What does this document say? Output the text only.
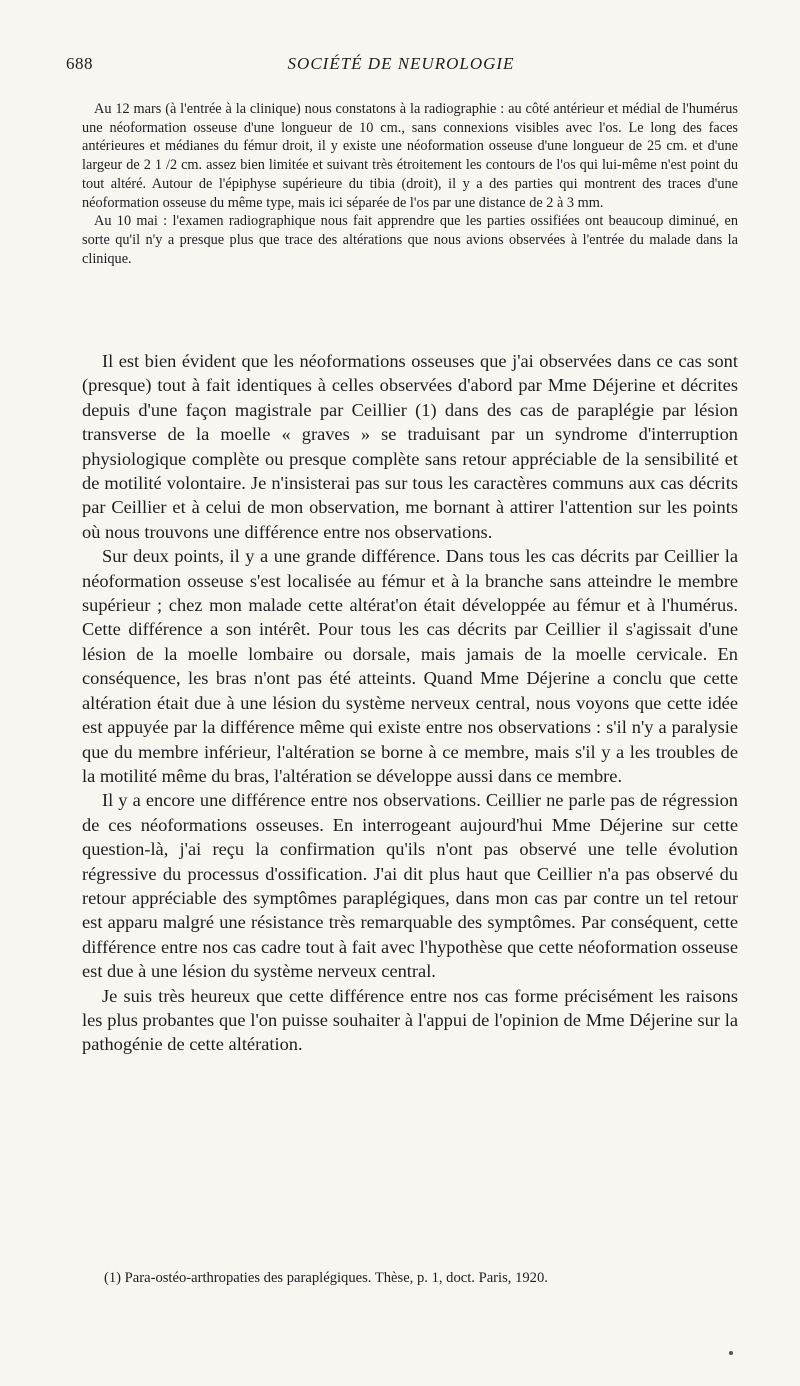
688	SOCIÉTÉ DE NEUROLOGIE

Au 12 mars (à l'entrée à la clinique) nous constatons à la radiographie : au côté antérieur et médial de l'humérus une néoformation osseuse d'une longueur de 10 cm., sans connexions visibles avec l'os. Le long des faces antérieures et médianes du fémur droit, il y existe une néoformation osseuse d'une longueur de 25 cm. et d'une largeur de 2 1 /2 cm. assez bien limitée et suivant très étroitement les contours de l'os qui lui-même n'est point du tout altéré. Autour de l'épiphyse supérieure du tibia (droit), il y a des parties qui montrent des traces d'une néoformation osseuse du même type, mais ici séparée de l'os par une distance de 2 à 3 mm.

Au 10 mai : l'examen radiographique nous fait apprendre que les parties ossifiées ont beaucoup diminué, en sorte qu'il n'y a presque plus que trace des altérations que nous avions observées à l'entrée du malade dans la clinique.

Il est bien évident que les néoformations osseuses que j'ai observées dans ce cas sont (presque) tout à fait identiques à celles observées d'abord par Mme Déjerine et décrites depuis d'une façon magistrale par Ceillier (1) dans des cas de paraplégie par lésion transverse de la moelle « graves » se traduisant par un syndrome d'interruption physiologique complète ou presque complète sans retour appréciable de la sensibilité et de motilité volontaire. Je n'insisterai pas sur tous les caractères communs aux cas décrits par Ceillier et à celui de mon observation, me bornant à attirer l'attention sur les points où nous trouvons une différence entre nos observations.

Sur deux points, il y a une grande différence. Dans tous les cas décrits par Ceillier la néoformation osseuse s'est localisée au fémur et à la branche sans atteindre le membre supérieur ; chez mon malade cette altérat'on était développée au fémur et à l'humérus. Cette différence a son intérêt. Pour tous les cas décrits par Ceillier il s'agissait d'une lésion de la moelle lombaire ou dorsale, mais jamais de la moelle cervicale. En conséquence, les bras n'ont pas été atteints. Quand Mme Déjerine a conclu que cette altération était due à une lésion du système nerveux central, nous voyons que cette idée est appuyée par la différence même qui existe entre nos observations : s'il n'y a paralysie que du membre inférieur, l'altération se borne à ce membre, mais s'il y a les troubles de la motilité même du bras, l'altération se développe aussi dans ce membre.

Il y a encore une différence entre nos observations. Ceillier ne parle pas de régression de ces néoformations osseuses. En interrogeant aujourd'hui Mme Déjerine sur cette question-là, j'ai reçu la confirmation qu'ils n'ont pas observé une telle évolution régressive du processus d'ossification. J'ai dit plus haut que Ceillier n'a pas observé du retour appréciable des symptômes paraplégiques, dans mon cas par contre un tel retour est apparu malgré une résistance très remarquable des symptômes. Par conséquent, cette différence entre nos cas cadre tout à fait avec l'hypothèse que cette néoformation osseuse est due à une lésion du système nerveux central.

Je suis très heureux que cette différence entre nos cas forme précisément les raisons les plus probantes que l'on puisse souhaiter à l'appui de l'opinion de Mme Déjerine sur la pathogénie de cette altération.

(1) Para-ostéo-arthropaties des paraplégiques. Thèse, p. 1, doct. Paris, 1920.
